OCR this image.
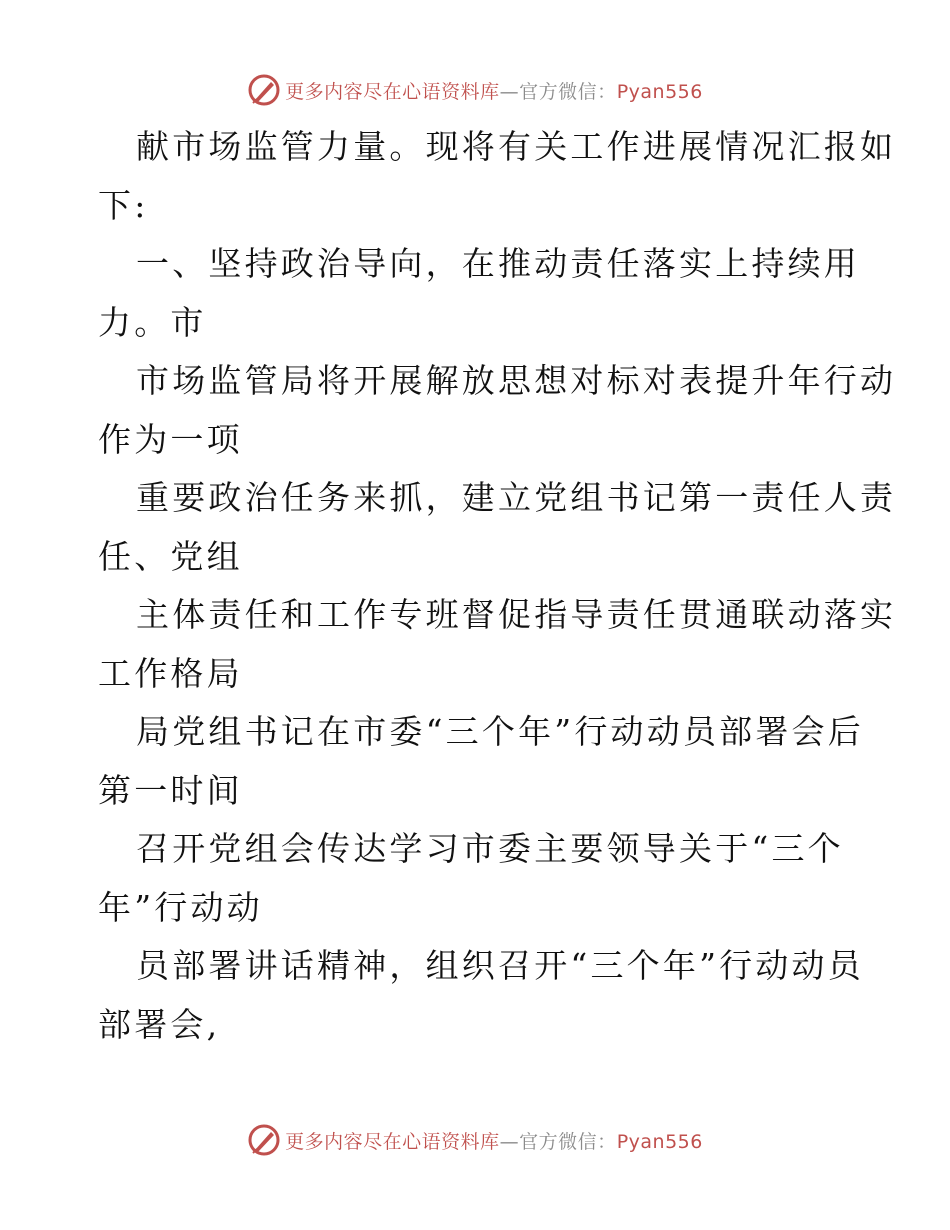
更多内容尽在心语资料库—官方微信：Pyan556
献市场监管力量。现将有关工作进展情况汇报如
下:
一、坚持政治导向，在推动责任落实上持续用
力。市
市场监管局将开展解放思想对标对表提升年行动
作为一项
重要政治任务来抓，建立党组书记第一责任人责
任、党组
主体责任和工作专班督促指导责任贯通联动落实
工作格局
局党组书记在市委“三个年”行动动员部署会后
第一时间
召开党组会传达学习市委主要领导关于“三个
年”行动动
员部署讲话精神，组织召开“三个年”行动动员
部署会,
更多内容尽在心语资料库—官方微信：Pyan556
